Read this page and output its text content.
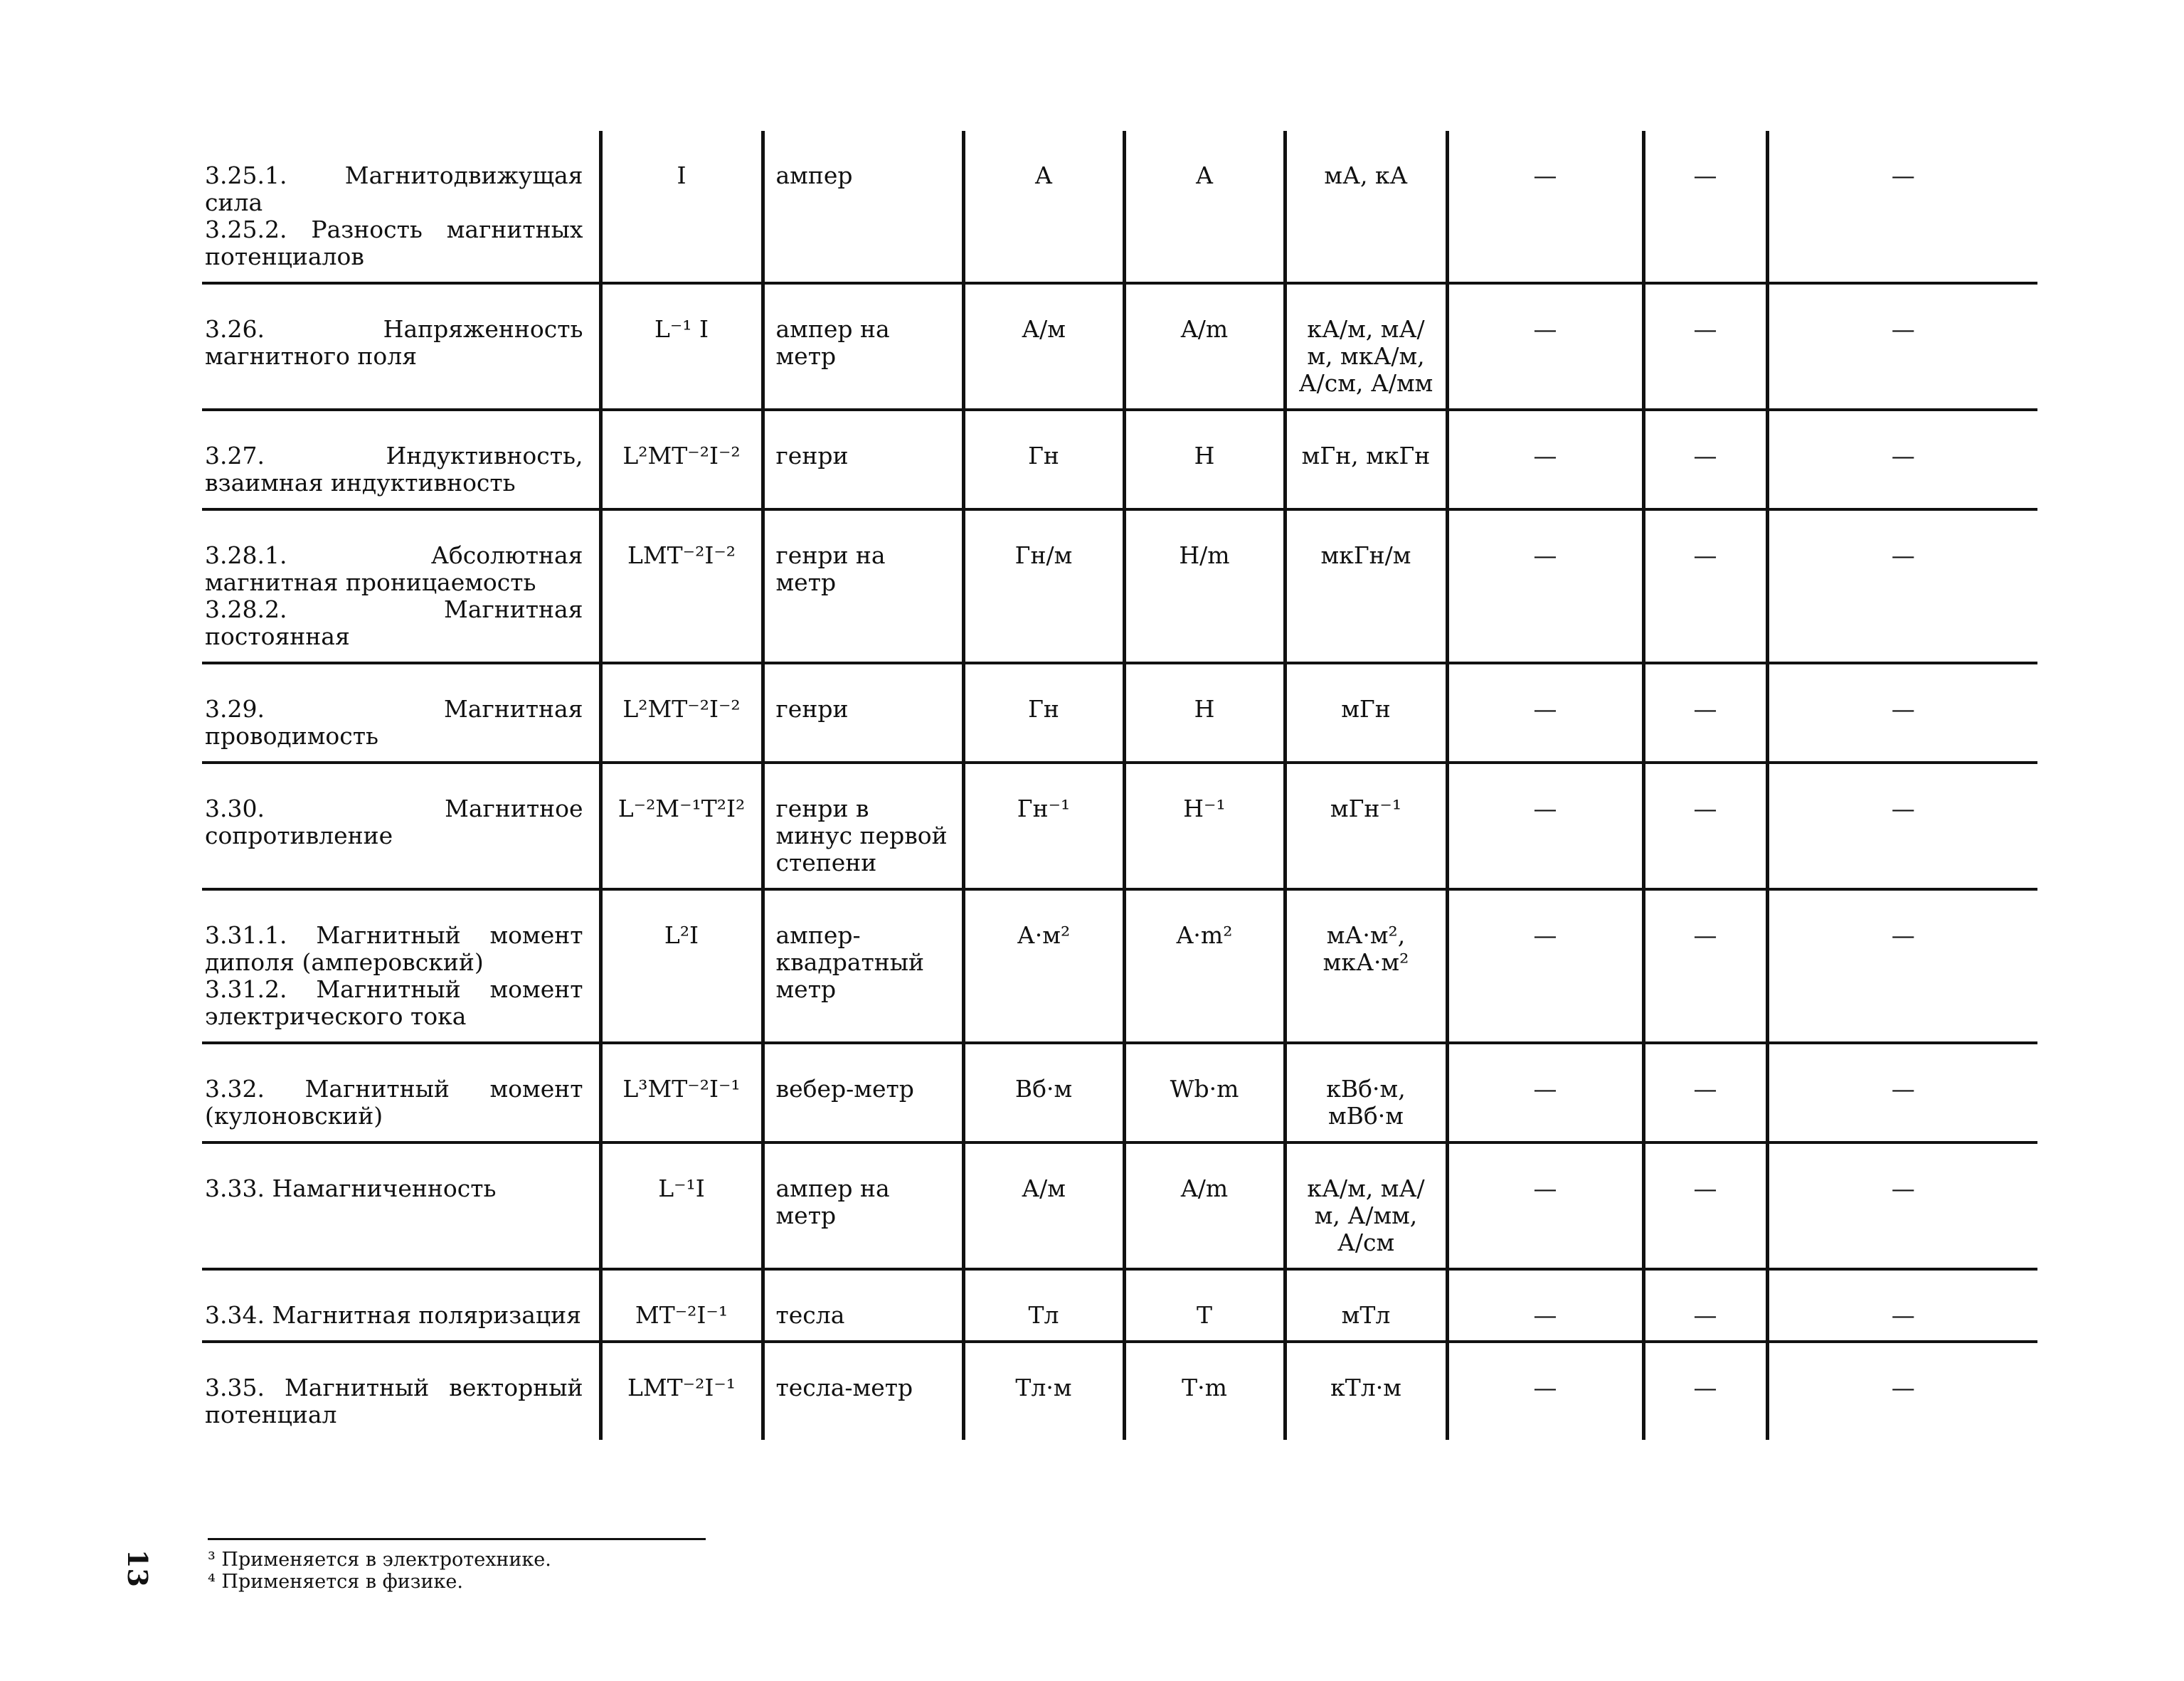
3.25.1. Магнитодвижущая сила
3.25.2. Разность магнитных потенциалов	I	ампер	А	A	мА, кА	—	—	—

3.26. Напряженность магнитного поля	L⁻¹ I	ампер на метр	А/м	A/m	кА/м, мА/м, мкА/м, А/см, А/мм	—	—	—

3.27. Индуктивность, взаимная индуктивность	L²MT⁻²I⁻²	генри	Гн	H	мГн, мкГн	—	—	—

3.28.1. Абсолютная магнитная проницаемость
3.28.2. Магнитная постоянная	LMT⁻²I⁻²	генри на метр	Гн/м	H/m	мкГн/м	—	—	—

3.29. Магнитная проводимость	L²MT⁻²I⁻²	генри	Гн	H	мГн	—	—	—

3.30. Магнитное сопротивление	L⁻²M⁻¹T²I²	генри в минус первой степени	Гн⁻¹	H⁻¹	мГн⁻¹	—	—	—

3.31.1. Магнитный момент диполя (амперовский)
3.31.2. Магнитный момент электрического тока	L²I	ампер-квадратный метр	А·м²	A·m²	мА·м², мкА·м²	—	—	—

3.32. Магнитный момент (кулоновский)	L³MT⁻²I⁻¹	вебер-метр	Вб·м	Wb·m	кВб·м, мВб·м	—	—	—

3.33. Намагниченность	L⁻¹I	ампер на метр	А/м	A/m	кА/м, мА/м, А/мм, А/см	—	—	—

3.34. Магнитная поляризация	MT⁻²I⁻¹	тесла	Тл	T	мТл	—	—	—

3.35. Магнитный векторный потенциал	LMT⁻²I⁻¹	тесла-метр	Тл·м	T·m	кТл·м	—	—	—
³ Применяется в электротехнике.
⁴ Применяется в физике.
13
